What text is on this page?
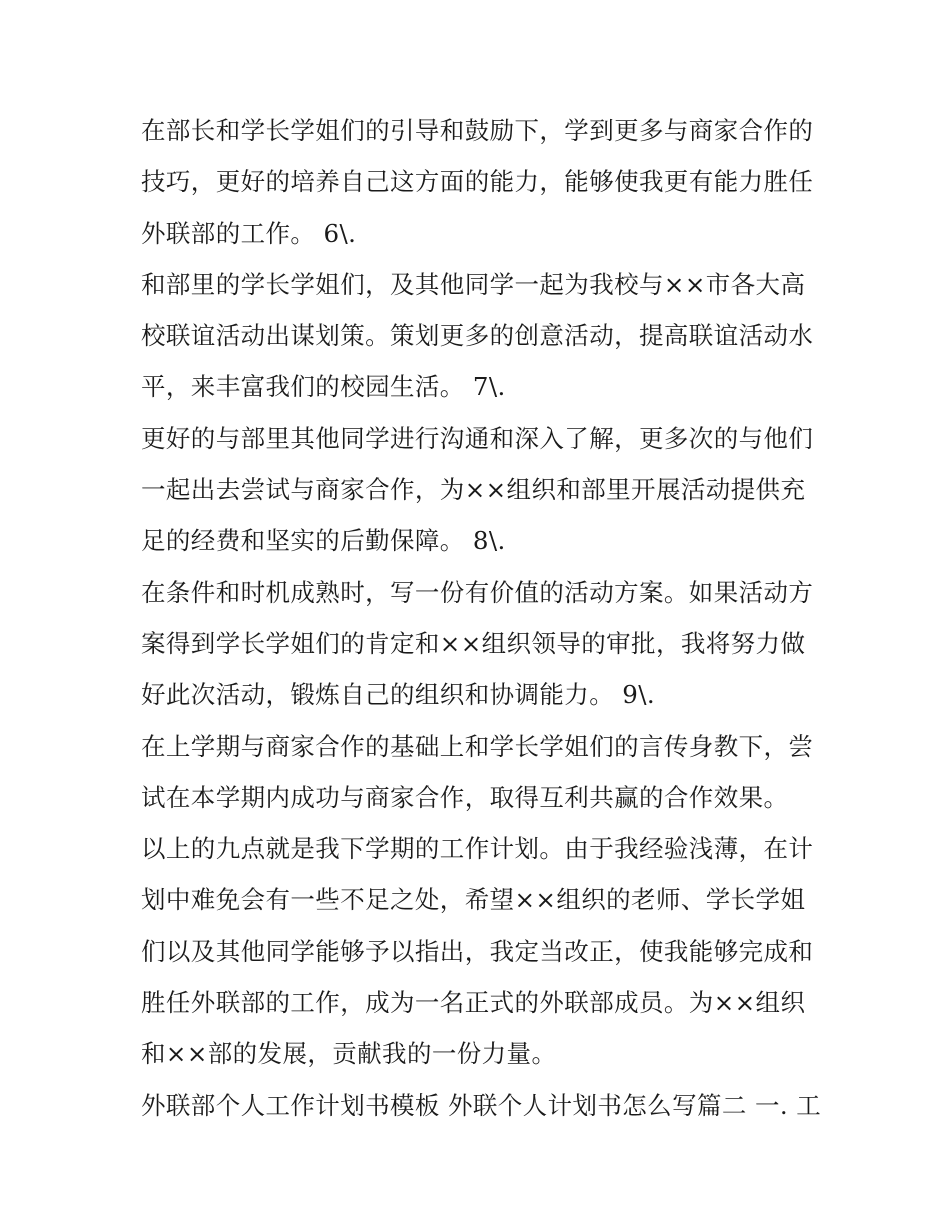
在部长和学长学姐们的引导和鼓励下，学到更多与商家合作的
技巧，更好的培养自己这方面的能力，能够使我更有能力胜任
外联部的工作。 6\.
和部里的学长学姐们，及其他同学一起为我校与××市各大高
校联谊活动出谋划策。策划更多的创意活动，提高联谊活动水
平，来丰富我们的校园生活。 7\.
更好的与部里其他同学进行沟通和深入了解，更多次的与他们
一起出去尝试与商家合作，为××组织和部里开展活动提供充
足的经费和坚实的后勤保障。 8\.
在条件和时机成熟时，写一份有价值的活动方案。如果活动方
案得到学长学姐们的肯定和××组织领导的审批，我将努力做
好此次活动，锻炼自己的组织和协调能力。 9\.
在上学期与商家合作的基础上和学长学姐们的言传身教下，尝
试在本学期内成功与商家合作，取得互利共赢的合作效果。
以上的九点就是我下学期的工作计划。由于我经验浅薄，在计
划中难免会有一些不足之处，希望××组织的老师、学长学姐
们以及其他同学能够予以指出，我定当改正，使我能够完成和
胜任外联部的工作，成为一名正式的外联部成员。为××组织
和××部的发展，贡献我的一份力量。
外联部个人工作计划书模板 外联个人计划书怎么写篇二 一. 工
